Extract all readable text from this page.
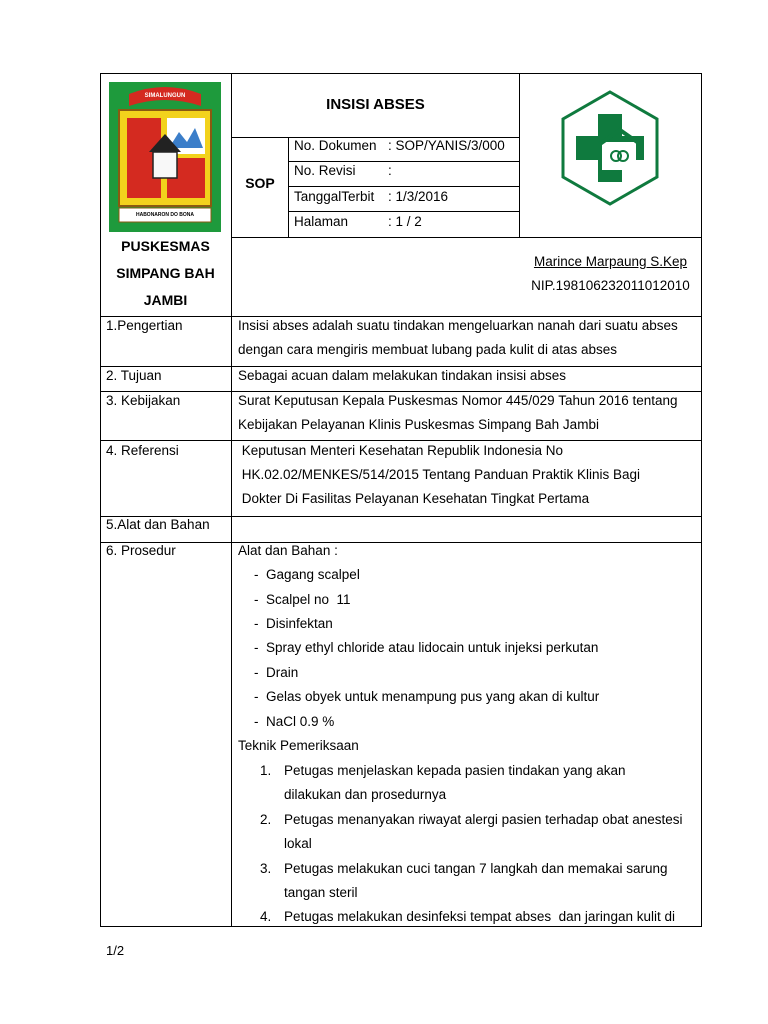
SIMALUNGUN
HABONARON DO BONA
INSISI ABSES
SOP
No. Dokumen : SOP/YANIS/3/000
No. Revisi :
TanggalTerbit : 1/3/2016
Halaman	: 1 / 2
PUSKESMAS
SIMPANG BAH
JAMBI
Marince Marpaung S.Kep
NIP.198106232011012010
1.Pengertian	Insisi abses adalah suatu tindakan mengeluarkan nanah dari suatu abses
dengan cara mengiris membuat lubang pada kulit di atas abses
2. Tujuan	Sebagai acuan dalam melakukan tindakan insisi abses
3. Kebijakan	Surat Keputusan Kepala Puskesmas Nomor 445/029 Tahun 2016 tentang
Kebijakan Pelayanan Klinis Puskesmas Simpang Bah Jambi
4. Referensi	Keputusan Menteri Kesehatan Republik Indonesia No
HK.02.02/MENKES/514/2015 Tentang Panduan Praktik Klinis Bagi
Dokter Di Fasilitas Pelayanan Kesehatan Tingkat Pertama
5.Alat dan Bahan
6. Prosedur	Alat dan Bahan :
- Gagang scalpel
- Scalpel no  11
- Disinfektan
- Spray ethyl chloride atau lidocain untuk injeksi perkutan
- Drain
- Gelas obyek untuk menampung pus yang akan di kultur
- NaCl 0.9 %
Teknik Pemeriksaan
1. Petugas menjelaskan kepada pasien tindakan yang akan
dilakukan dan prosedurnya
2. Petugas menanyakan riwayat alergi pasien terhadap obat anestesi
lokal
3. Petugas melakukan cuci tangan 7 langkah dan memakai sarung
tangan steril
4. Petugas melakukan desinfeksi tempat abses  dan jaringan kulit di
1/2
